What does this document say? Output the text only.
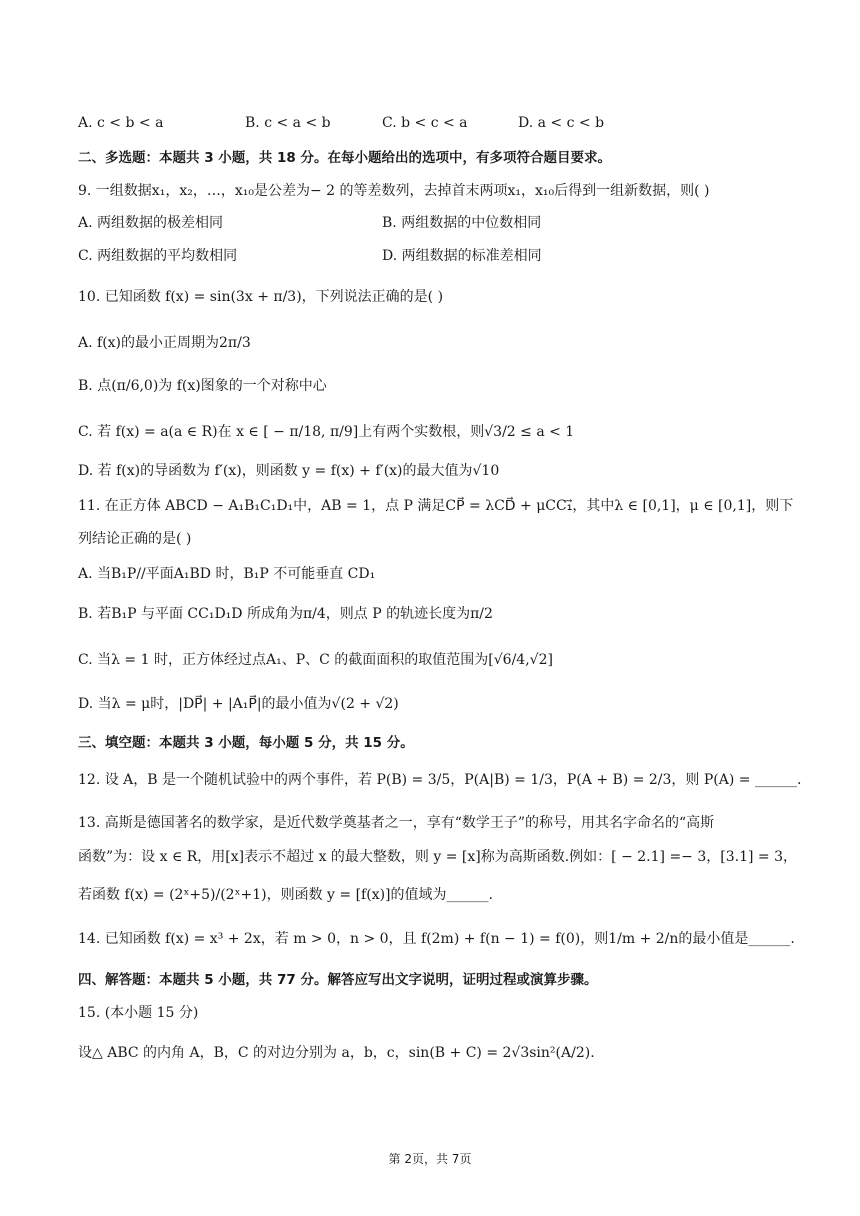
A. c < b < a	B. c < a < b	C. b < c < a	D. a < c < b
二、多选题：本题共 3 小题，共 18 分。在每小题给出的选项中，有多项符合题目要求。
9. 一组数据x₁，x₂，…，x₁₀是公差为− 2 的等差数列，去掉首末两项x₁，x₁₀后得到一组新数据，则( )
A. 两组数据的极差相同	B. 两组数据的中位数相同
C. 两组数据的平均数相同	D. 两组数据的标准差相同
10. 已知函数 f(x) = sin(3x + π/3)，下列说法正确的是( )
A. f(x)的最小正周期为2π/3
B. 点(π/6,0)为 f(x)图象的一个对称中心
C. 若 f(x) = a(a ∈ R)在 x ∈ [ − π/18, π/9]上有两个实数根，则√3/2 ≤ a < 1
D. 若 f(x)的导函数为 f′(x)，则函数 y = f(x) + f′(x)的最大值为√10
11. 在正方体 ABCD − A₁B₁C₁D₁中，AB = 1，点 P 满足CP⃗ = λCD⃗ + μCC₁⃗，其中λ ∈ [0,1]，μ ∈ [0,1]，则下
列结论正确的是( )
A. 当B₁P//平面A₁BD 时，B₁P 不可能垂直 CD₁
B. 若B₁P 与平面 CC₁D₁D 所成角为π/4，则点 P 的轨迹长度为π/2
C. 当λ = 1 时，正方体经过点A₁、P、C 的截面面积的取值范围为[√6/4,√2]
D. 当λ = μ时，|DP⃗| + |A₁P⃗|的最小值为√(2 + √2)
三、填空题：本题共 3 小题，每小题 5 分，共 15 分。
12. 设 A，B 是一个随机试验中的两个事件，若 P(B) = 3/5，P(A|B) = 1/3，P(A + B) = 2/3，则 P(A) = ______.
13. 高斯是德国著名的数学家，是近代数学奠基者之一，享有“数学王子”的称号，用其名字命名的“高斯
函数”为：设 x ∈ R，用[x]表示不超过 x 的最大整数，则 y = [x]称为高斯函数.例如：[ − 2.1] =− 3，[3.1] = 3，
若函数 f(x) = (2ˣ+5)/(2ˣ+1)，则函数 y = [f(x)]的值域为______.
14. 已知函数 f(x) = x³ + 2x，若 m > 0，n > 0，且 f(2m) + f(n − 1) = f(0)，则1/m + 2/n的最小值是______.
四、解答题：本题共 5 小题，共 77 分。解答应写出文字说明，证明过程或演算步骤。
15. (本小题 15 分)
设△ ABC 的内角 A，B，C 的对边分别为 a，b，c，sin(B + C) = 2√3sin²(A/2).
第 2页，共 7页
